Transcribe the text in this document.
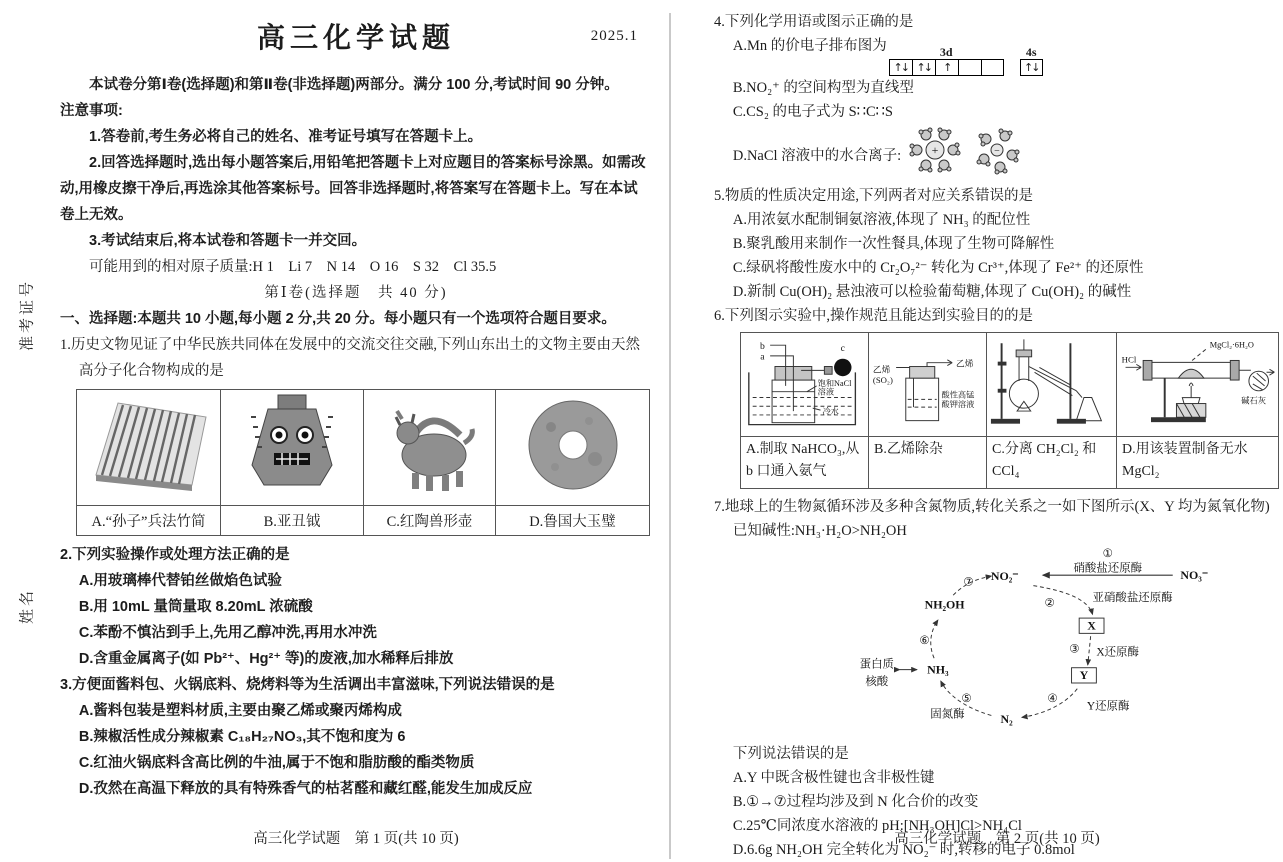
准考证号
姓名
高三化学试题	2025.1

本试卷分第Ⅰ卷(选择题)和第Ⅱ卷(非选择题)两部分。满分 100 分,考试时间 90 分钟。

注意事项:

1.答卷前,考生务必将自己的姓名、准考证号填写在答题卡上。

2.回答选择题时,选出每小题答案后,用铅笔把答题卡上对应题目的答案标号涂黑。如需改动,用橡皮擦干净后,再选涂其他答案标号。回答非选择题时,将答案写在答题卡上。写在本试卷上无效。

3.考试结束后,将本试卷和答题卡一并交回。

可能用到的相对原子质量:H 1　Li 7　N 14　O 16　S 32　Cl 35.5

第Ⅰ卷(选择题　共 40 分)

一、选择题:本题共 10 小题,每小题 2 分,共 20 分。每小题只有一个选项符合题目要求。

1.历史文物见证了中华民族共同体在发展中的交流交往交融,下列山东出土的文物主要由天然高分子化合物构成的是

A.“孙子”兵法竹简	B.亚丑钺	C.红陶兽形壶	D.鲁国大玉璧

2.下列实验操作或处理方法正确的是

A.用玻璃棒代替铂丝做焰色试验

B.用 10mL 量筒量取 8.20mL 浓硫酸

C.苯酚不慎沾到手上,先用乙醇冲洗,再用水冲洗

D.含重金属离子(如 Pb²⁺、Hg²⁺ 等)的废液,加水稀释后排放

3.方便面酱料包、火锅底料、烧烤料等为生活调出丰富滋味,下列说法错误的是

A.酱料包装是塑料材质,主要由聚乙烯或聚丙烯构成

B.辣椒活性成分辣椒素 C₁₈H₂₇NO₃,其不饱和度为 6

C.红油火锅底料含高比例的牛油,属于不饱和脂肪酸的酯类物质

D.孜然在高温下释放的具有特殊香气的枯茗醛和藏红醛,能发生加成反应

高三化学试题　第 1 页(共 10 页)

4.下列化学用语或图示正确的是

A.Mn 的价电子排布图为	3d
↑↓ ↑↓	↑
4s
↑↓

B.NO₂⁺ 的空间构型为直线型

C.CS₂ 的电子式为 S∷C∷S

D.NaCl 溶液中的水合离子:	+	−

5.物质的性质决定用途,下列两者对应关系错误的是

A.用浓氨水配制铜氨溶液,体现了 NH₃ 的配位性

B.聚乳酸用来制作一次性餐具,体现了生物可降解性

C.绿矾将酸性废水中的 Cr₂O₇²⁻ 转化为 Cr³⁺,体现了 Fe²⁺ 的还原性

D.新制 Cu(OH)₂ 悬浊液可以检验葡萄糖,体现了 Cu(OH)₂ 的碱性

6.下列图示实验中,操作规范且能达到实验目的的是

b
a
c
饱和NaCl
溶液
冷水

乙烯
(SO₂)
乙烯
酸性高锰
酸钾溶液

HCl
MgCl₂·6H₂O
碱石灰

A.制取 NaHCO₃,从 b 口通入氨气	B.乙烯除杂	C.分离 CH₂Cl₂ 和 CCl₄	D.用该装置制备无水 MgCl₂

7.地球上的生物氮循环涉及多种含氮物质,转化关系之一如下图所示(X、Y 均为氮氧化物)

已知碱性:NH₃·H₂O>NH₂OH

①
硝酸盐还原酶	NO₃⁻
NO₂⁻
②	亚硝酸盐还原酶
X
③ X还原酶
Y
④
Y还原酶
N₂
⑤
固氮酶
NH₃
⑥
NH₂OH
⑦
蛋白质
核酸

下列说法错误的是

A.Y 中既含极性键也含非极性键

B.①→⑦过程均涉及到 N 化合价的改变

C.25℃同浓度水溶液的 pH:[NH₃OH]Cl>NH₄Cl

D.6.6g NH₂OH 完全转化为 NO₂⁻ 时,转移的电子 0.8mol

高三化学试题　第 2 页(共 10 页)
